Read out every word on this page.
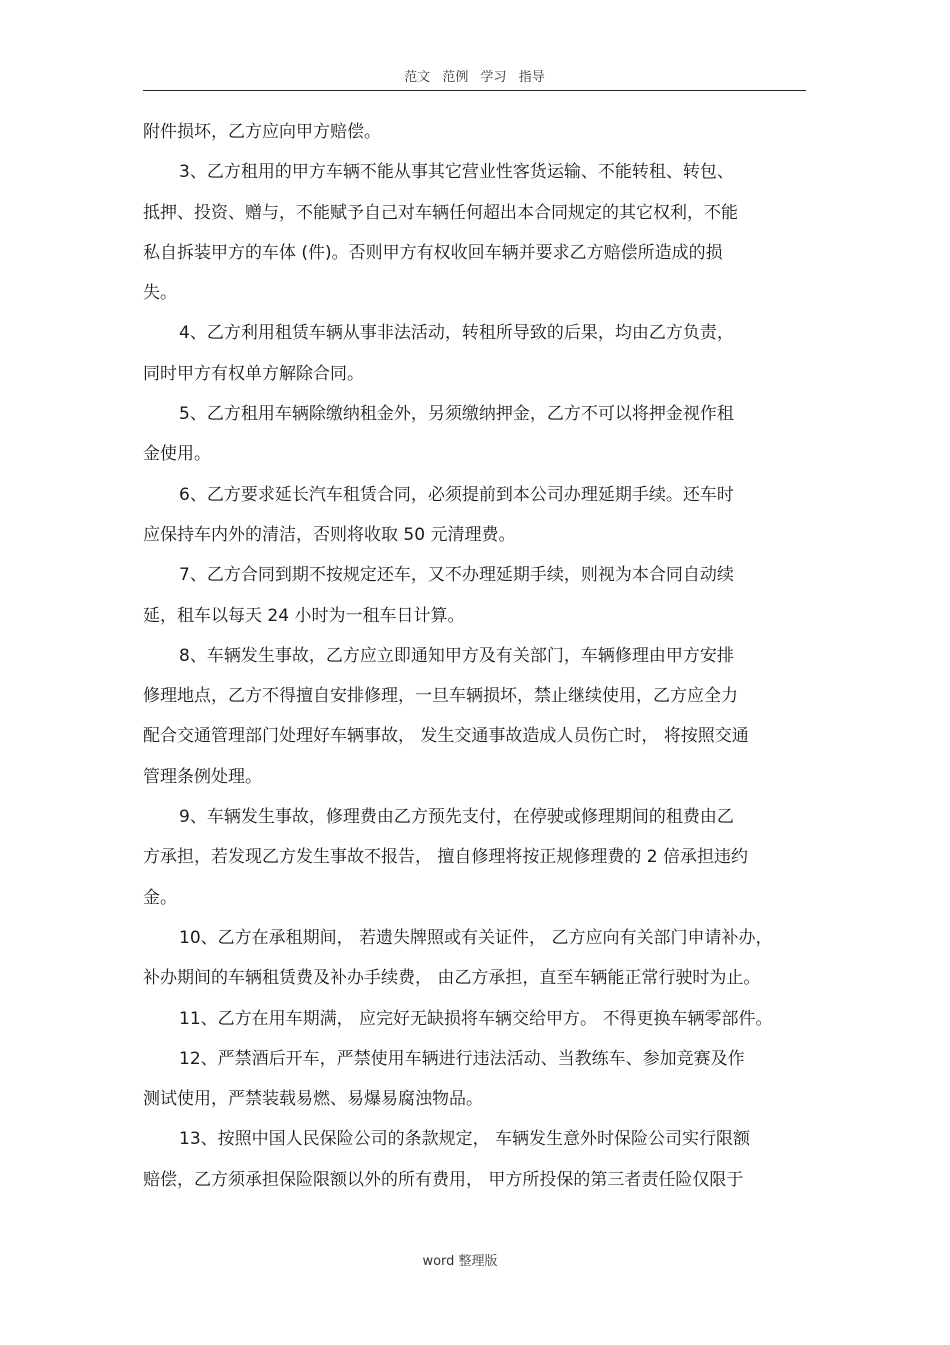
范文 范例 学习 指导
附件损坏，乙方应向甲方赔偿。
3、乙方租用的甲方车辆不能从事其它营业性客货运输、不能转租、转包、
抵押、投资、赠与，不能赋予自己对车辆任何超出本合同规定的其它权利，不能
私自拆装甲方的车体 (件)。否则甲方有权收回车辆并要求乙方赔偿所造成的损
失。
4、乙方利用租赁车辆从事非法活动，转租所导致的后果，均由乙方负责，
同时甲方有权单方解除合同。
5、乙方租用车辆除缴纳租金外，另须缴纳押金，乙方不可以将押金视作租
金使用。
6、乙方要求延长汽车租赁合同，必须提前到本公司办理延期手续。还车时
应保持车内外的清洁，否则将收取 50 元清理费。
7、乙方合同到期不按规定还车，又不办理延期手续，则视为本合同自动续
延，租车以每天 24 小时为一租车日计算。
8、车辆发生事故，乙方应立即通知甲方及有关部门，车辆修理由甲方安排
修理地点，乙方不得擅自安排修理，一旦车辆损坏，禁止继续使用，乙方应全力
配合交通管理部门处理好车辆事故， 发生交通事故造成人员伤亡时， 将按照交通
管理条例处理。
9、车辆发生事故，修理费由乙方预先支付，在停驶或修理期间的租费由乙
方承担，若发现乙方发生事故不报告， 擅自修理将按正规修理费的 2 倍承担违约
金。
10、乙方在承租期间， 若遗失牌照或有关证件， 乙方应向有关部门申请补办，
补办期间的车辆租赁费及补办手续费， 由乙方承担，直至车辆能正常行驶时为止。
11、乙方在用车期满， 应完好无缺损将车辆交给甲方。 不得更换车辆零部件。
12、严禁酒后开车，严禁使用车辆进行违法活动、当教练车、参加竞赛及作
测试使用，严禁装载易燃、易爆易腐浊物品。
13、按照中国人民保险公司的条款规定， 车辆发生意外时保险公司实行限额
赔偿，乙方须承担保险限额以外的所有费用， 甲方所投保的第三者责任险仅限于
word 整理版
